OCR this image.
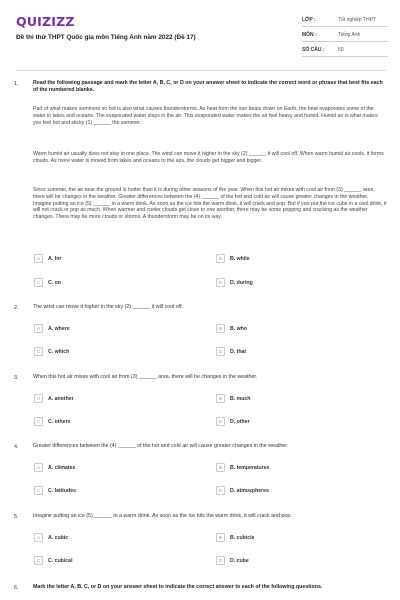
QUIZIZZ
Đề thi thử THPT Quốc gia môn Tiếng Anh năm 2022 (Đề 17)
LỚP :	Tốt nghiệp THPT
MÔN :	Tiếng Anh
SỐ CÂU :	50
1.	Read the following passage and mark the letter A, B, C, or D on your answer sheet to indicate the correct word or phrase that best fits each of the numbered blanks.
Part of what makes summers so hot is also what causes thunderstorms. As heat from the sun beats down on Earth, the heat evaporates some of the water in lakes and oceans. The evaporated water stays in the air. This evaporated water makes the air feel heavy and humid. Humid air is what makes you feel hot and sticky (1) ______ the summer.
Warm humid air usually does not stay in one place. The wind can move it higher in the sky (2) ______ it will cool off. When warm humid air cools, it forms clouds. As more water is moved from lakes and oceans to the airs, the clouds get bigger and bigger.
Since summer, the air near the ground is hotter than it is during other seasons of the year. When this hot air mixes with cool air from (3) ______ area, there will be changes in the weather. Greater differences between the (4) ______ of the hot and cold air will cause greater changes in the weather. Imagine putting an ice (5) ______ in a warm drink. As soon as the ice hits the warm drink, it will crack and pop. But if you put the ice cube in a cool drink, it will not crack or pop as much. When warmer and cooler clouds get close to one another, there may be some popping and cracking as the weather changes. There may be more clouds or storms. A thunderstorm may be on its way.
A	A. for	B	B. while
C	C. on	D	D. during
2.	The wind can move it higher in the sky (2) ______ it will cool off.
A	A. where	B	B. who
C	C. which	D	D. that
3.	When this hot air mixes with cool air from (3) ______ area, there will be changes in the weather.
A	A. another	B	B. much
C	C. others	D	D. other
4.	Greater differences between the (4) ______ of the hot and cold air will cause greater changes in the weather.
A	A. climates	B	B. temperatures
C	C. latitudes	D	D. atmospheres
5.	Imagine putting an ice (5) ______ in a warm drink. As soon as the ice hits the warm drink, it will crack and pop.
A	A. cubic	B	B. cubicle
C	C. cubical	D	D. cube
6.	Mark the letter A, B, C, or D on your answer sheet to indicate the correct answer to each of the following questions.
